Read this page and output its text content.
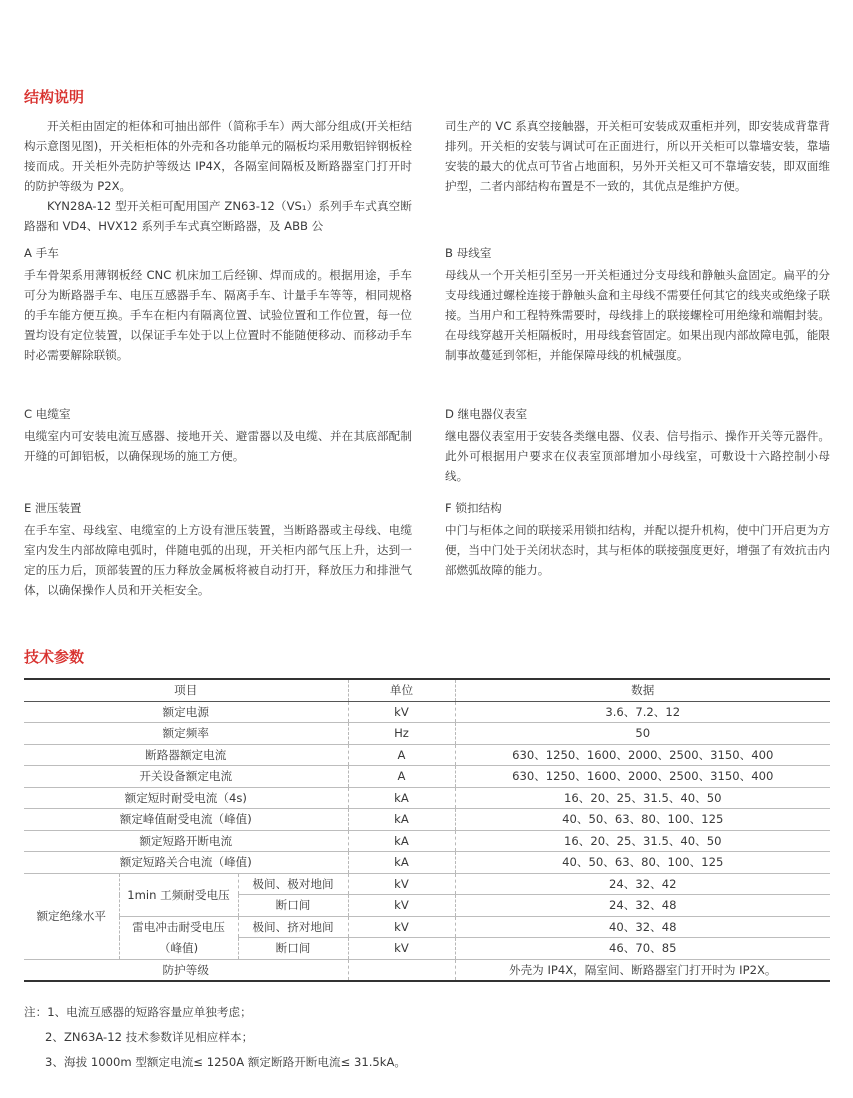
结构说明

开关柜由固定的柜体和可抽出部件（简称手车）两大部分组成(开关柜结构示意图见图)，开关柜柜体的外壳和各功能单元的隔板均采用敷铝锌钢板栓接而成。开关柜外壳防护等级达 IP4X，各隔室间隔板及断路器室门打开时的防护等级为 P2X。

KYN28A-12 型开关柜可配用国产 ZN63-12（VS₁）系列手车式真空断路器和 VD4、HVX12 系列手车式真空断路器，及 ABB 公

司生产的 VC 系真空接触器，开关柜可安装成双重柜并列，即安装成背靠背排列。开关柜的安装与调试可在正面进行，所以开关柜可以靠墙安装，靠墙安装的最大的优点可节省占地面积，另外开关柜又可不靠墙安装，即双面维护型，二者内部结构布置是不一致的，其优点是维护方便。

A 手车

手车骨架系用薄钢板经 CNC 机床加工后经铆、焊而成的。根据用途，手车可分为断路器手车、电压互感器手车、隔离手车、计量手车等等，相同规格的手车能方便互换。手车在柜内有隔离位置、试验位置和工作位置，每一位置均设有定位装置，以保证手车处于以上位置时不能随便移动、而移动手车时必需要解除联锁。

B 母线室

母线从一个开关柜引至另一开关柜通过分支母线和静触头盒固定。扁平的分支母线通过螺栓连接于静触头盒和主母线不需要任何其它的线夹或绝缘子联接。当用户和工程特殊需要时，母线排上的联接螺栓可用绝缘和端帽封装。在母线穿越开关柜隔板时，用母线套管固定。如果出现内部故障电弧，能限制事故蔓延到邻柜，并能保障母线的机械强度。

C 电缆室

电缆室内可安装电流互感器、接地开关、避雷器以及电缆、并在其底部配制开缝的可卸铝板，以确保现场的施工方便。

D 继电器仪表室

继电器仪表室用于安装各类继电器、仪表、信号指示、操作开关等元器件。此外可根据用户要求在仪表室顶部增加小母线室，可敷设十六路控制小母线。

E 泄压装置

在手车室、母线室、电缆室的上方设有泄压装置，当断路器或主母线、电缆室内发生内部故障电弧时，伴随电弧的出现，开关柜内部气压上升，达到一定的压力后，顶部装置的压力释放金属板将被自动打开，释放压力和排泄气体，以确保操作人员和开关柜安全。

F 锁扣结构

中门与柜体之间的联接采用锁扣结构，并配以提升机构，使中门开启更为方便，当中门处于关闭状态时，其与柜体的联接强度更好，增强了有效抗击内部燃弧故障的能力。

技术参数
项目			单位	数据
额定电源			kV	3.6、7.2、12
额定频率			Hz	50
断路器额定电流			A	630、1250、1600、2000、2500、3150、400
开关设备额定电流			A	630、1250、1600、2000、2500、3150、400
额定短时耐受电流（4s)			kA	16、20、25、31.5、40、50
额定峰值耐受电流（峰值)			kA	40、50、63、80、100、125
额定短路开断电流			kA	16、20、25、31.5、40、50
额定短路关合电流（峰值)			kA	40、50、63、80、100、125
额定绝缘水平	1min 工频耐受电压	极间、极对地间	kV	24、32、42
		断口间	kV	24、32、48
	雷电冲击耐受电压	极间、挤对地间	kV	40、32、48
	（峰值)	断口间	kV	46、70、85
防护等级				外壳为 IP4X，隔室间、断路器室门打开时为 IP2X。
注：1、电流互感器的短路容量应单独考虑；
2、ZN63A-12 技术参数详见相应样本；
3、海拔 1000m 型额定电流≤ 1250A 额定断路开断电流≤ 31.5kA。
